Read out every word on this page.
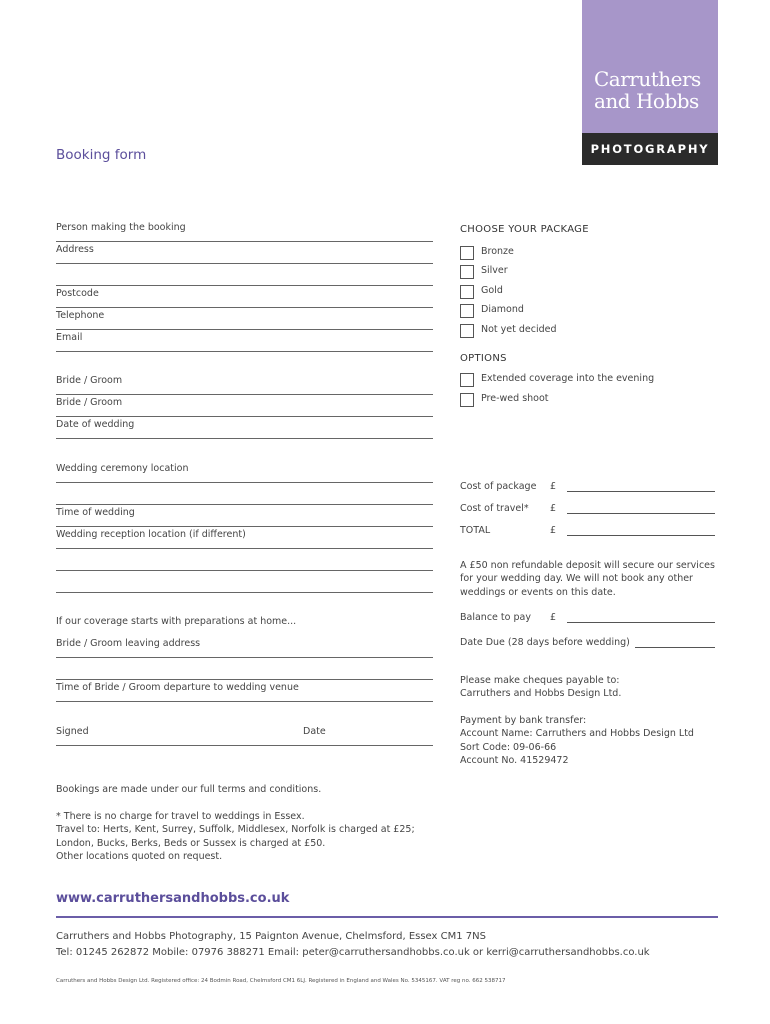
Carruthers
and Hobbs
PHOTOGRAPHY
Booking form
Person making the booking
Address
Postcode
Telephone
Email
Bride / Groom
Bride / Groom
Date of wedding
Wedding ceremony location
Time of wedding
Wedding reception location (if different)
If our coverage starts with preparations at home...
Bride / Groom leaving address
Time of Bride / Groom departure to wedding venue
Signed	Date
CHOOSE YOUR PACKAGE
Bronze
Silver
Gold
Diamond
Not yet decided
OPTIONS
Extended coverage into the evening
Pre-wed shoot
Cost of package £
Cost of travel* £
TOTAL	£
A £50 non refundable deposit will secure our services
for your wedding day. We will not book any other
weddings or events on this date.
Balance to pay £
Date Due (28 days before wedding)
Please make cheques payable to:
Carruthers and Hobbs Design Ltd.
Payment by bank transfer:
Account Name: Carruthers and Hobbs Design Ltd
Sort Code: 09-06-66
Account No. 41529472
Bookings are made under our full terms and conditions.
* There is no charge for travel to weddings in Essex.
Travel to: Herts, Kent, Surrey, Suffolk, Middlesex, Norfolk is charged at £25;
London, Bucks, Berks, Beds or Sussex is charged at £50.
Other locations quoted on request.
www.carruthersandhobbs.co.uk
Carruthers and Hobbs Photography, 15 Paignton Avenue, Chelmsford, Essex CM1 7NS
Tel: 01245 262872 Mobile: 07976 388271 Email: peter@carruthersandhobbs.co.uk or kerri@carruthersandhobbs.co.uk
Carruthers and Hobbs Design Ltd. Registered office: 24 Bodmin Road, Chelmsford CM1 6LJ. Registered in England and Wales No. 5345167. VAT reg no. 662 538717
